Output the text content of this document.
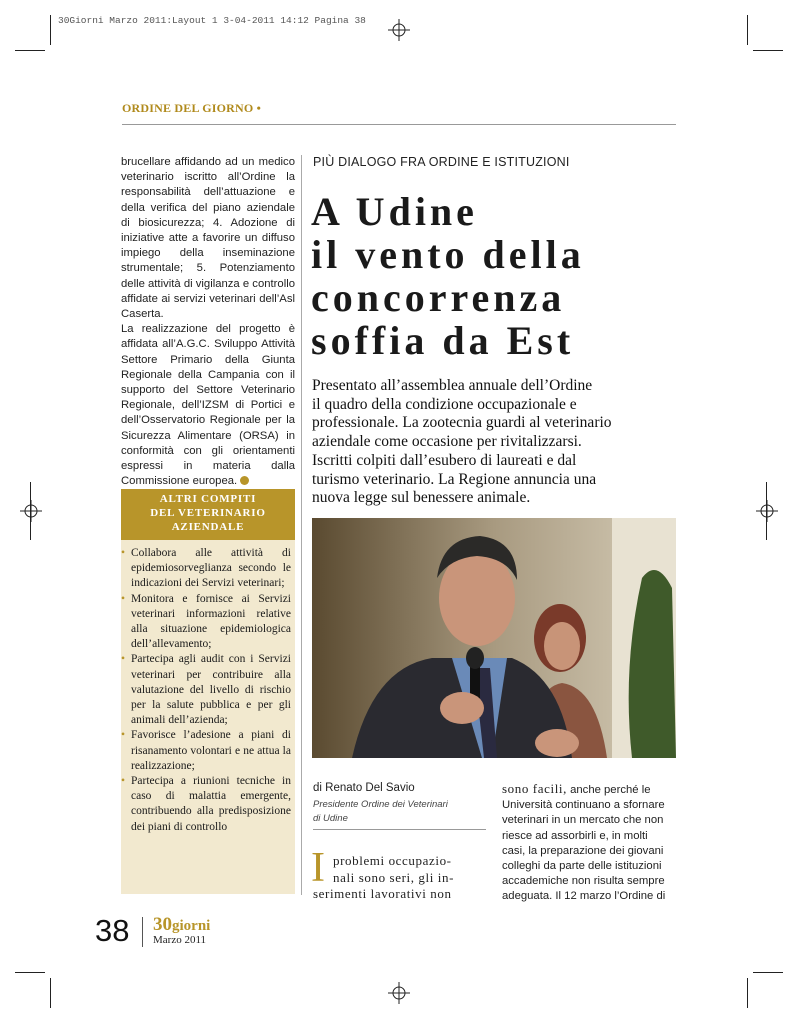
30Giorni Marzo 2011:Layout 1 3-04-2011 14:12 Pagina 38
ORDINE DEL GIORNO •
brucellare affidando ad un medico veterinario iscritto all’Ordine la responsabilità dell’attuazione e della verifica del piano aziendale di biosicurezza; 4. Adozione di iniziative atte a favorire un diffuso impiego della inseminazione strumentale; 5. Potenziamento delle attività di vigilanza e controllo affidate ai servizi veterinari dell’Asl Caserta.
La realizzazione del progetto è affidata all’A.G.C. Sviluppo Attività Settore Primario della Giunta Regionale della Campania con il supporto del Settore Veterinario Regionale, dell’IZSM di Portici e dell’Osservatorio Regionale per la Sicurezza Alimentare (ORSA) in conformità con gli orientamenti espressi in materia dalla Commissione europea.
ALTRI COMPITI
DEL VETERINARIO
AZIENDALE
• Collabora alle attività di epidemiosorveglianza secondo le indicazioni dei Servizi veterinari;
• Monitora e fornisce ai Servizi veterinari informazioni relative alla situazione epidemiologica dell’allevamento;
• Partecipa agli audit con i Servizi veterinari per contribuire alla valutazione del livello di rischio per la salute pubblica e per gli animali dell’azienda;
• Favorisce l’adesione a piani di risanamento volontari e ne attua la realizzazione;
• Partecipa a riunioni tecniche in caso di malattia emergente, contribuendo alla predisposizione dei piani di controllo
PIÙ DIALOGO FRA ORDINE E ISTITUZIONI
A Udine
il vento della
concorrenza
soffia da Est
Presentato all’assemblea annuale dell’Ordine
il quadro della condizione occupazionale e
professionale. La zootecnia guardi al veterinario
aziendale come occasione per rivitalizzarsi.
Iscritti colpiti dall’esubero di laureati e dal
turismo veterinario. La Regione annuncia una
nuova legge sul benessere animale.
di Renato Del Savio
Presidente Ordine dei Veterinari
di Udine
I problemi occupazio-
nali sono seri, gli in-
serimenti lavorativi non
sono facili, anche perché le
Università continuano a sfornare
veterinari in un mercato che non
riesce ad assorbirli e, in molti
casi, la preparazione dei giovani
colleghi da parte delle istituzioni
accademiche non risulta sempre
adeguata. Il 12 marzo l’Ordine di
38 30giorni
Marzo 2011
